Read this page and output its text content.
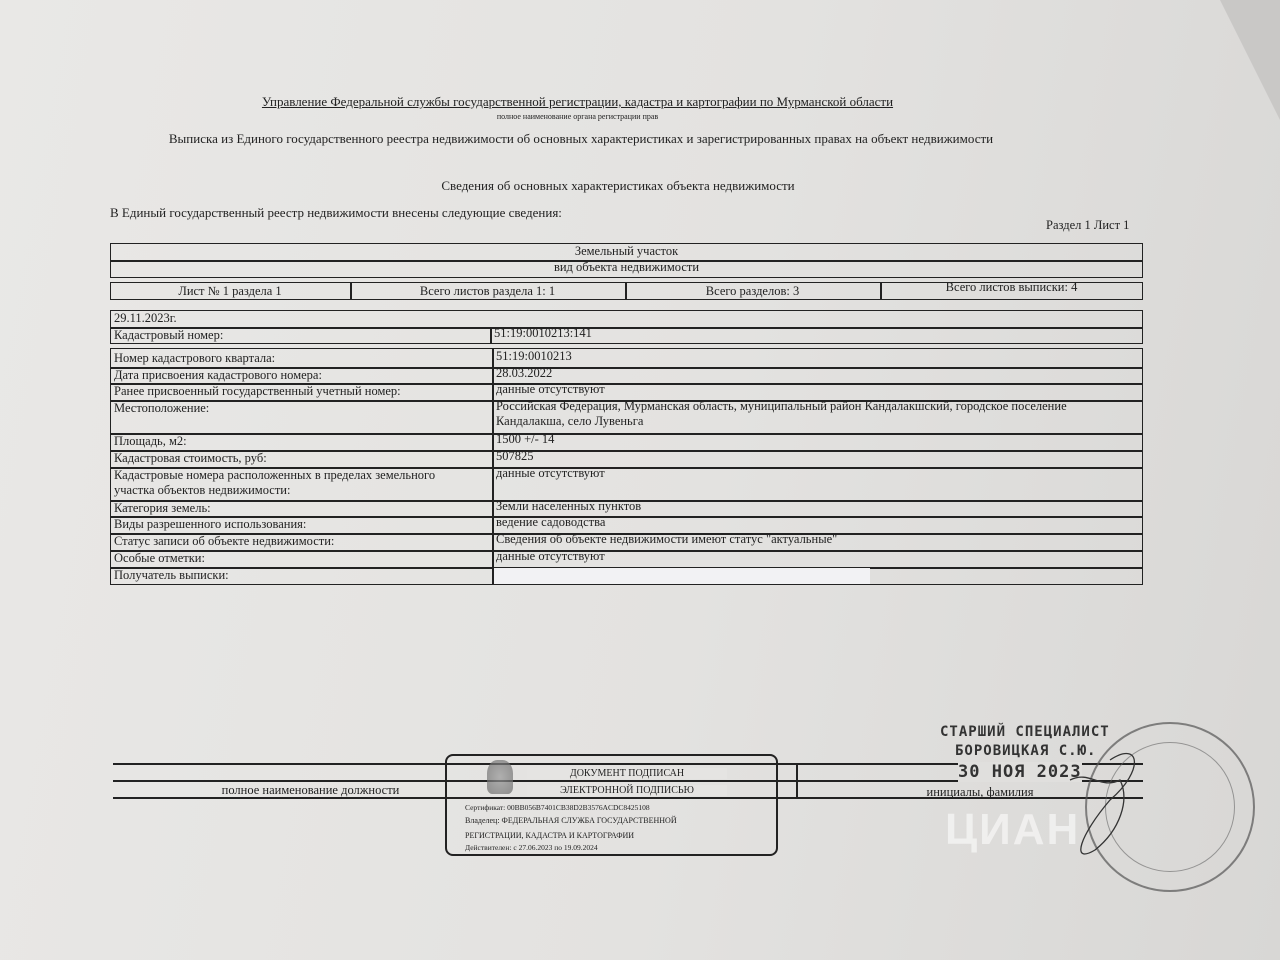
Управление Федеральной службы государственной регистрации, кадастра и картографии по Мурманской области
полное наименование органа регистрации прав
Выписка из Единого государственного реестра недвижимости об основных характеристиках и зарегистрированных правах на объект недвижимости
Сведения об основных характеристиках объекта недвижимости
В Единый государственный реестр недвижимости внесены следующие сведения:
Раздел 1 Лист 1
Земельный участок
вид объекта недвижимости
Лист № 1 раздела 1	Всего листов раздела 1: 1	Всего разделов: 3	Всего листов выписки: 4
29.11.2023г.
Кадастровый номер:	51:19:0010213:141
Номер кадастрового квартала:	51:19:0010213
Дата присвоения кадастрового номера:	28.03.2022
Ранее присвоенный государственный учетный номер:	данные отсутствуют
Местоположение:	Российская Федерация, Мурманская область, муниципальный район Кандалакшский, городское поселение
Кандалакша, село Лувеньга
Площадь, м2:	1500 +/- 14
Кадастровая стоимость, руб:	507825
Кадастровые номера расположенных в пределах земельного
участка объектов недвижимости:
данные отсутствуют
Категория земель:	Земли населенных пунктов
Виды разрешенного использования:	ведение садоводства
Статус записи об объекте недвижимости:	Сведения об объекте недвижимости имеют статус "актуальные"
Особые отметки:	данные отсутствуют
Получатель выписки:
полное наименование должности	инициалы, фамилия
ДОКУМЕНТ ПОДПИСАН
ЭЛЕКТРОННОЙ ПОДПИСЬЮ
Сертификат: 00BB056B7401CB38D2B3576ACDC8425108
Владелец: ФЕДЕРАЛЬНАЯ СЛУЖБА ГОСУДАРСТВЕННОЙ
РЕГИСТРАЦИИ, КАДАСТРА И КАРТОГРАФИИ
Действителен: с 27.06.2023 по 19.09.2024
СТАРШИЙ СПЕЦИАЛИСТ
БОРОВИЦКАЯ С.Ю.
30 НОЯ 2023
ЦИАН
